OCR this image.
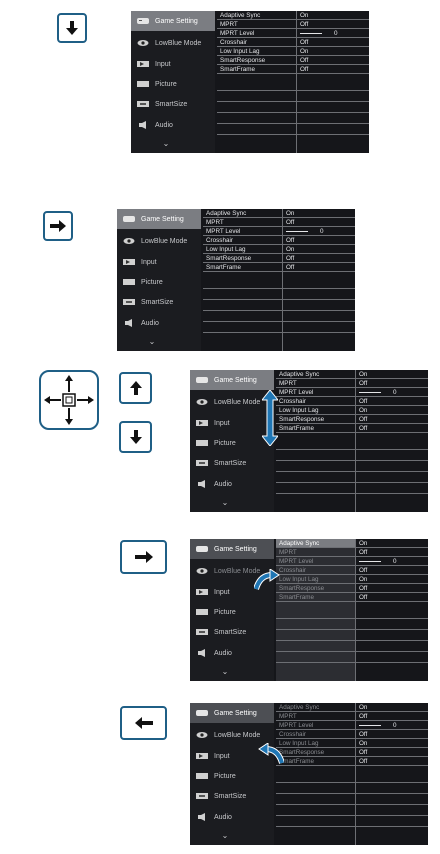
Game Setting
LowBlue Mode
Input
Picture
SmartSize
Audio
⌄
Adaptive Sync	On
MPRT	Off
MPRT Level	0
Crosshair	Off
Low Input Lag	On
SmartResponse	Off
SmartFrame	Off
Game Setting
LowBlue Mode
Input
Picture
SmartSize
Audio
⌄
Adaptive Sync	On
MPRT	Off
MPRT Level	0
Crosshair	Off
Low Input Lag	On
SmartResponse	Off
SmartFrame	Off
Game Setting
LowBlue Mode
Input
Picture
SmartSize
Audio
⌄
Adaptive Sync	On
MPRT	Off
MPRT Level	0
Crosshair	Off
Low Input Lag	On
SmartResponse	Off
SmartFrame	Off
Game Setting
LowBlue Mode
Input
Picture
SmartSize
Audio
⌄
Adaptive Sync	On
MPRT	Off
MPRT Level	0
Crosshair	Off
Low Input Lag	On
SmartResponse	Off
SmartFrame	Off
Game Setting
LowBlue Mode
Input
Picture
SmartSize
Audio
⌄
Adaptive Sync	On
MPRT	Off
MPRT Level	0
Crosshair	Off
Low Input Lag	On
SmartResponse	Off
SmartFrame	Off
